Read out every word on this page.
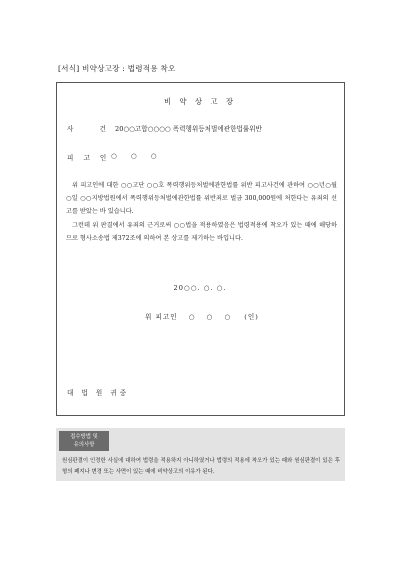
[서식] 비약상고장 : 법령적용 착오
비 약 상 고 장
사 건
20○○고합○○○○ 폭력행위등처벌에관한법률위반
피 고 인 ○ ○ ○

위 피고인에 대한 ○○고단 ○○호 폭력행위등처벌에관한법률 위반 피고사건에 관하여 ○○년○월 ○일 ○○지방법원에서 폭력행위등처벌에관한법률 위반죄로 벌금 300,000원에 처한다는 유죄의 선고를 받았는 바 있습니다.

그런데 위 판결에서 유죄의 근거로써 ○○법을 적용하였음은 법령적용에 착오가 있는 때에 해당하므로 형사소송법 제372조에 의하여 본 상고를 제기하는 바입니다.

20○○. ○. ○.
위 피고인 ○ ○ ○ (인)
대 법 원 귀중
접수방법 및
유의사항
원심판결이 인정한 사실에 대하여 법령을 적용하지 아니하였거나 법령의 적용에 착오가 있는 때와 원심판결이 있은 후 형의 폐지나 변경 또는 사면이 있는 때에 비약상고의 이유가 된다.
